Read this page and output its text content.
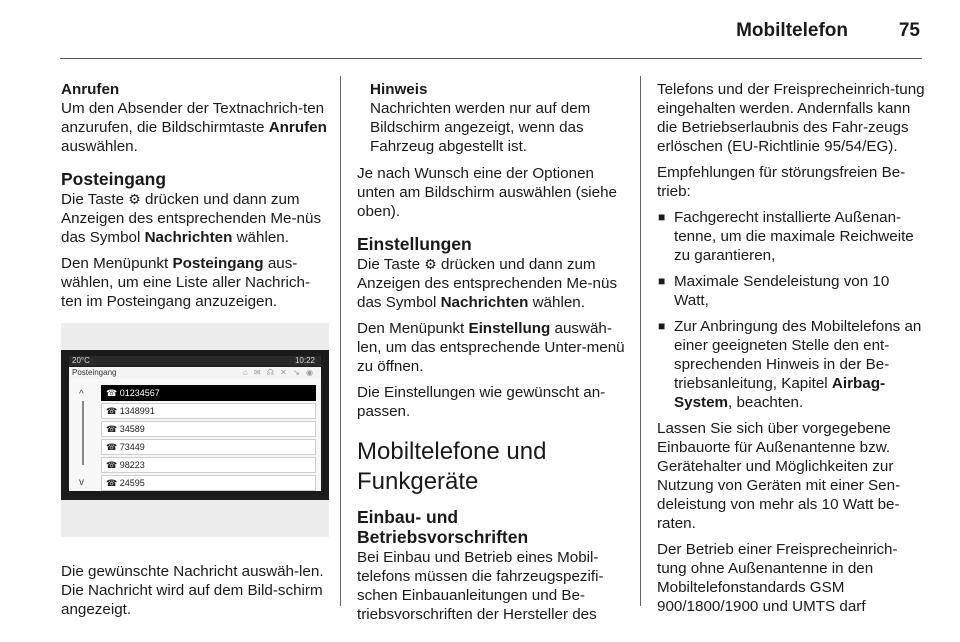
Mobiltelefon	75

Anrufen
Um den Absender der Textnachrich-ten anzurufen, die Bildschirmtaste Anrufen auswählen.

Posteingang

Die Taste ⚙ drücken und dann zum Anzeigen des entsprechenden Me-nüs das Symbol Nachrichten wählen.

Den Menüpunkt Posteingang aus-wählen, um eine Liste aller Nachrich-ten im Posteingang anzuzeigen.

20°C	10:22
Posteingang	⌂ ✉ ☊ ✕ ↘ ◉
^
v
☎ 01234567
☎ 1348991
☎ 34589
☎ 73449
☎ 98223
☎ 24595

Die gewünschte Nachricht auswäh-len. Die Nachricht wird auf dem Bild-schirm angezeigt.

Hinweis
Nachrichten werden nur auf dem Bildschirm angezeigt, wenn das Fahrzeug abgestellt ist.

Je nach Wunsch eine der Optionen unten am Bildschirm auswählen (siehe oben).

Einstellungen

Die Taste ⚙ drücken und dann zum Anzeigen des entsprechenden Me-nüs das Symbol Nachrichten wählen.

Den Menüpunkt Einstellung auswäh-len, um das entsprechende Unter-menü zu öffnen.

Die Einstellungen wie gewünscht an-passen.

Mobiltelefone und Funkgeräte
Einbau- und Betriebsvorschriften

Bei Einbau und Betrieb eines Mobil-telefons müssen die fahrzeugspezifi-schen Einbauanleitungen und Be-triebsvorschriften der Hersteller des

Telefons und der Freisprecheinrich-tung eingehalten werden. Andernfalls kann die Betriebserlaubnis des Fahr-zeugs erlöschen (EU-Richtlinie 95/54/EG).

Empfehlungen für störungsfreien Be-trieb:

■ Fachgerecht installierte Außenan-tenne, um die maximale Reichweite zu garantieren,
■ Maximale Sendeleistung von 10 Watt,
■ Zur Anbringung des Mobiltelefons an einer geeigneten Stelle den ent-sprechenden Hinweis in der Be-triebsanleitung, Kapitel Airbag-System, beachten.

Lassen Sie sich über vorgegebene Einbauorte für Außenantenne bzw. Gerätehalter und Möglichkeiten zur Nutzung von Geräten mit einer Sen-deleistung von mehr als 10 Watt be-raten.

Der Betrieb einer Freisprecheinrich-tung ohne Außenantenne in den Mobiltelefonstandards GSM 900/1800/1900 und UMTS darf
